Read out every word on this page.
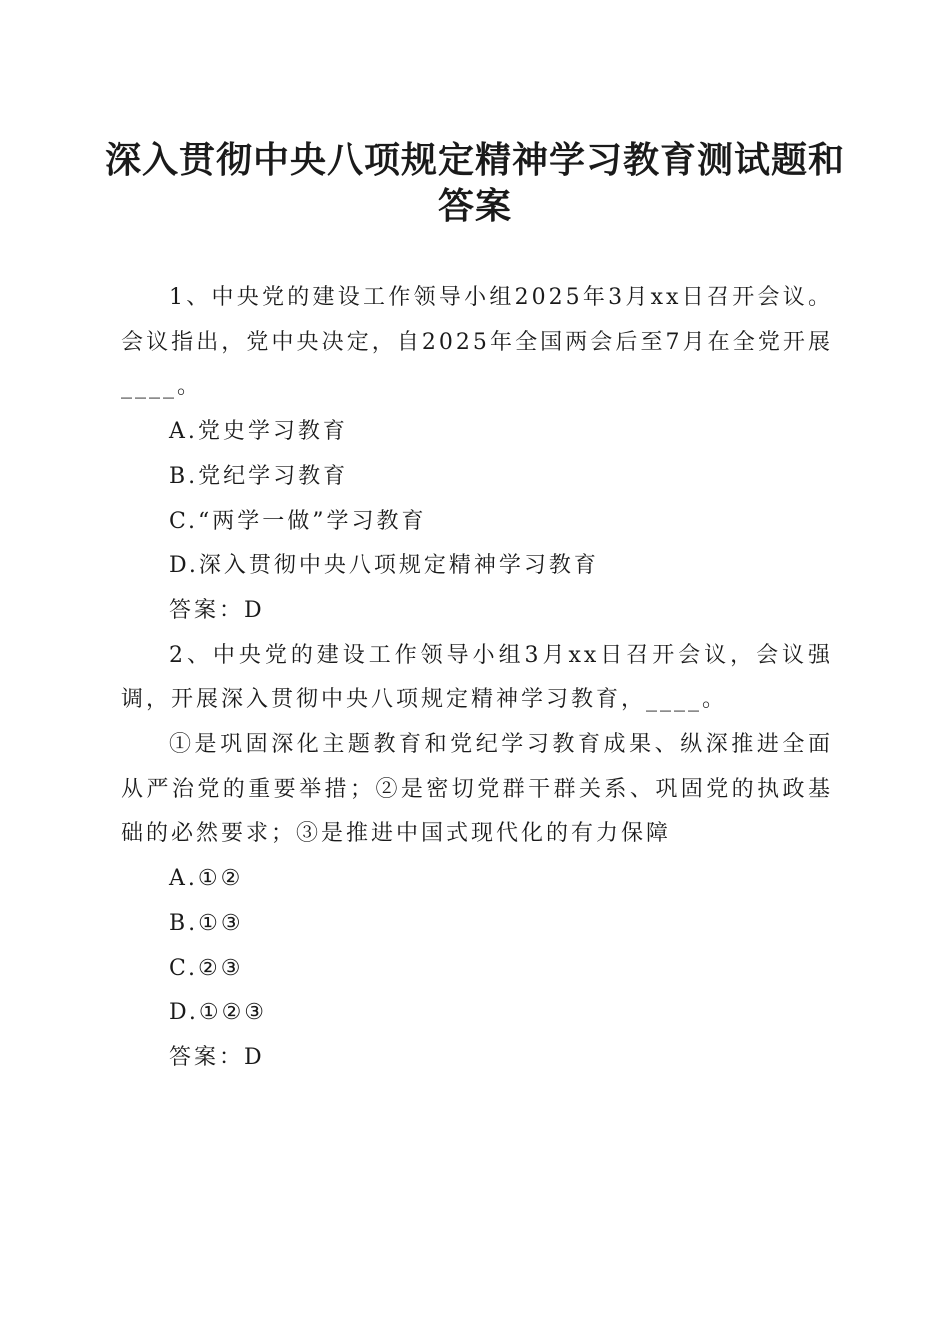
深入贯彻中央八项规定精神学习教育测试题和
答案

1、中央党的建设工作领导小组2025年3月xx日召开会议。会议指出，党中央决定，自2025年全国两会后至7月在全党开展____。

A.党史学习教育

B.党纪学习教育

C.“两学一做”学习教育

D.深入贯彻中央八项规定精神学习教育

答案：D

2、中央党的建设工作领导小组3月xx日召开会议，会议强调，开展深入贯彻中央八项规定精神学习教育，____。

①是巩固深化主题教育和党纪学习教育成果、纵深推进全面从严治党的重要举措；②是密切党群干群关系、巩固党的执政基础的必然要求；③是推进中国式现代化的有力保障

A.①②

B.①③

C.②③

D.①②③

答案：D
